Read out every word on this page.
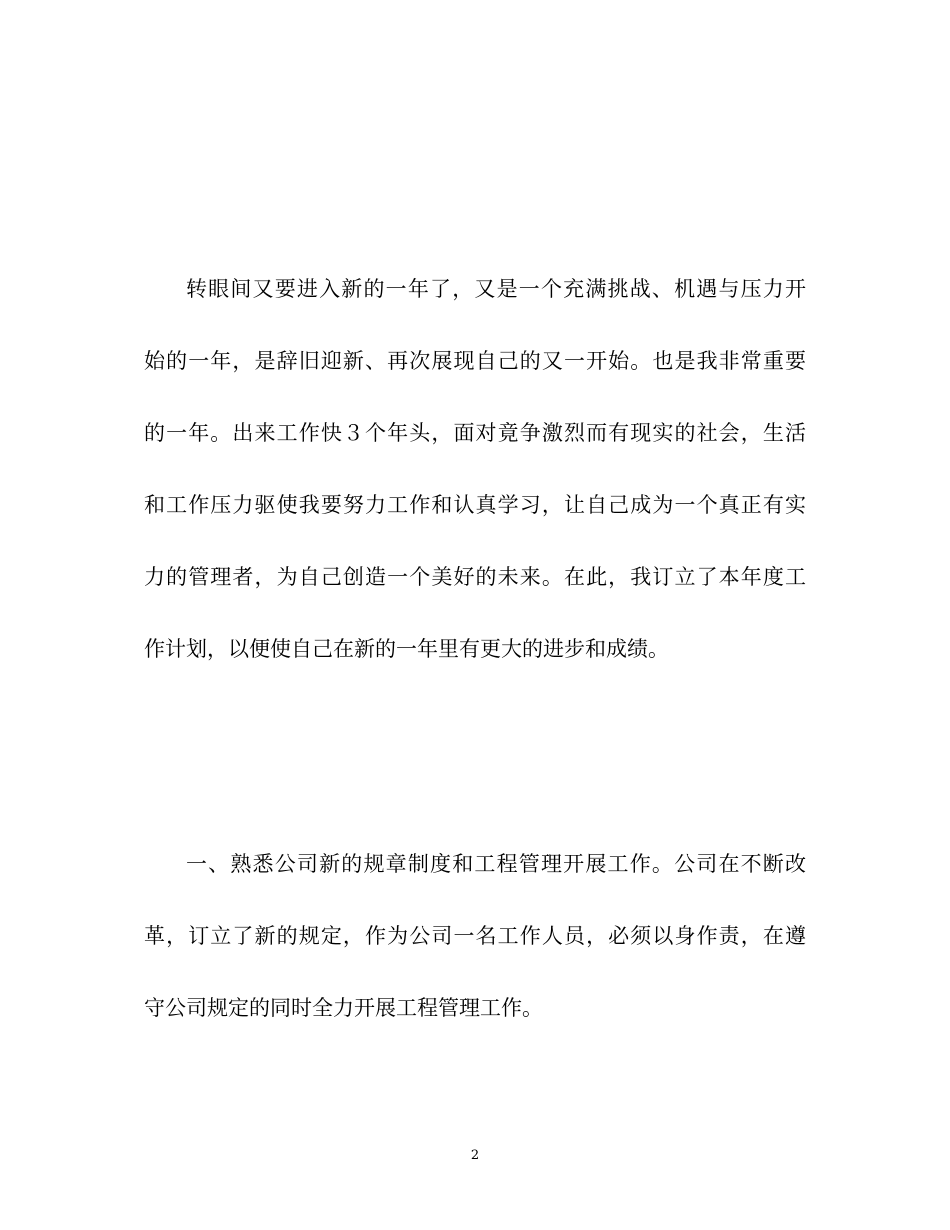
转眼间又要进入新的一年了，又是一个充满挑战、机遇与压力开
始的一年，是辞旧迎新、再次展现自己的又一开始。也是我非常重要
的一年。出来工作快３个年头，面对竟争激烈而有现实的社会，生活
和工作压力驱使我要努力工作和认真学习，让自己成为一个真正有实
力的管理者，为自己创造一个美好的未来。在此，我订立了本年度工
作计划，以便使自己在新的一年里有更大的进步和成绩。
一、熟悉公司新的规章制度和工程管理开展工作。公司在不断改
革，订立了新的规定，作为公司一名工作人员，必须以身作责，在遵
守公司规定的同时全力开展工程管理工作。
2
